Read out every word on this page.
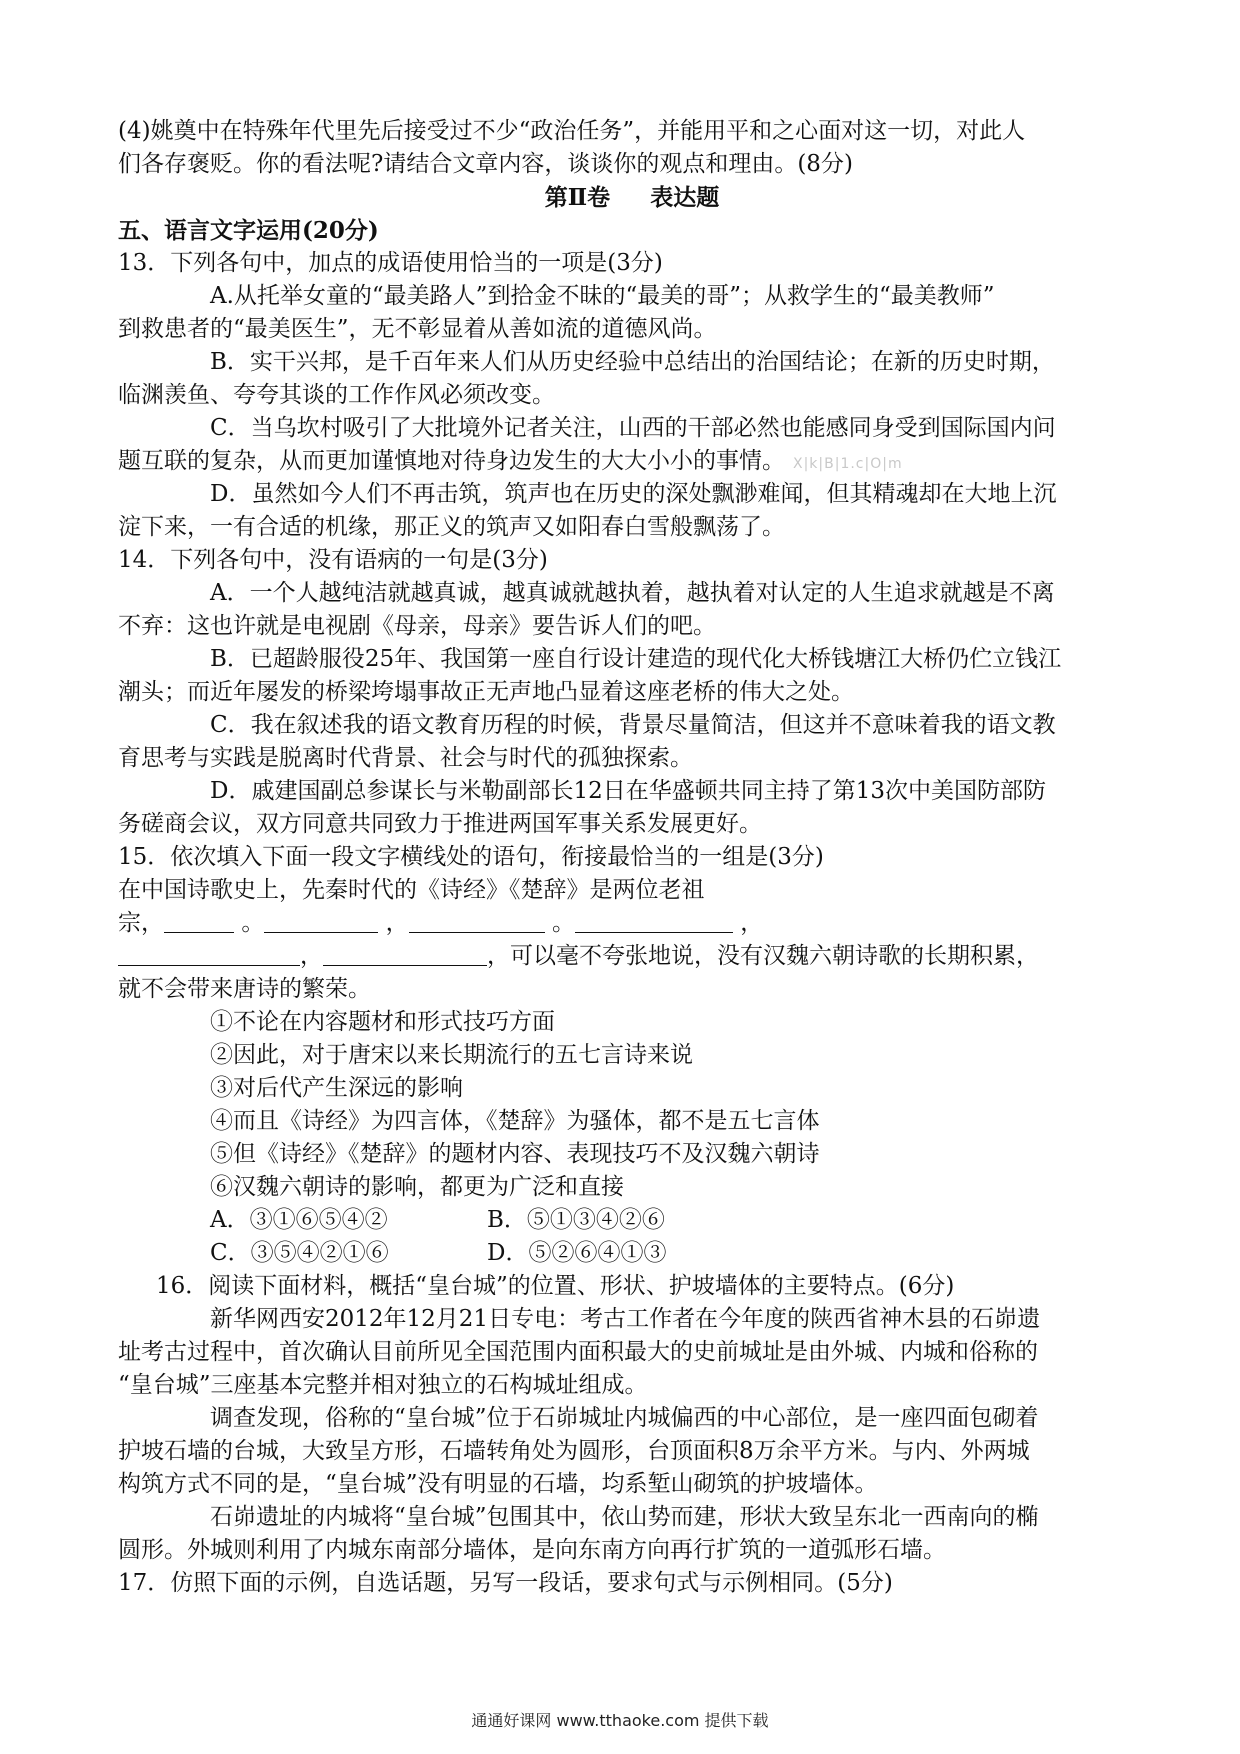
(4)姚奠中在特殊年代里先后接受过不少“政治任务”，并能用平和之心面对这一切，对此人
们各存褒贬。你的看法呢?请结合文章内容，谈谈你的观点和理由。(8分)
第Ⅱ卷 表达题
五、语言文字运用(20分)
13．下列各句中，加点的成语使用恰当的一项是(3分)
A.从托举女童的“最美路人”到拾金不昧的“最美的哥”；从救学生的“最美教师”
到救患者的“最美医生”，无不彰显着从善如流的道德风尚。
B．实干兴邦，是千百年来人们从历史经验中总结出的治国结论；在新的历史时期，
临渊羡鱼、夸夸其谈的工作作风必须改变。
C．当乌坎村吸引了大批境外记者关注，山西的干部必然也能感同身受到国际国内问
题互联的复杂，从而更加谨慎地对待身边发生的大大小小的事情。 X|k|B|1.c|O|m
D．虽然如今人们不再击筑，筑声也在历史的深处飘渺难闻，但其精魂却在大地上沉
淀下来，一有合适的机缘，那正义的筑声又如阳春白雪般飘荡了。
14．下列各句中，没有语病的一句是(3分)
A．一个人越纯洁就越真诚，越真诚就越执着，越执着对认定的人生追求就越是不离
不弃：这也许就是电视剧《母亲，母亲》要告诉人们的吧。
B．已超龄服役25年、我国第一座自行设计建造的现代化大桥钱塘江大桥仍伫立钱江
潮头；而近年屡发的桥梁垮塌事故正无声地凸显着这座老桥的伟大之处。
C．我在叙述我的语文教育历程的时候，背景尽量简洁，但这并不意味着我的语文教
育思考与实践是脱离时代背景、社会与时代的孤独探索。
D．戚建国副总参谋长与米勒副部长12日在华盛顿共同主持了第13次中美国防部防
务磋商会议，双方同意共同致力于推进两国军事关系发展更好。
15．依次填入下面一段文字横线处的语句，衔接最恰当的一组是(3分)
在中国诗歌史上，先秦时代的《诗经》《楚辞》是两位老祖
宗，	。	，	。	，
，	，可以毫不夸张地说，没有汉魏六朝诗歌的长期积累，
就不会带来唐诗的繁荣。
①不论在内容题材和形式技巧方面
②因此，对于唐宋以来长期流行的五七言诗来说
③对后代产生深远的影响
④而且《诗经》为四言体，《楚辞》为骚体，都不是五七言体
⑤但《诗经》《楚辞》的题材内容、表现技巧不及汉魏六朝诗
⑥汉魏六朝诗的影响，都更为广泛和直接
A．③①⑥⑤④②	B．⑤①③④②⑥
C．③⑤④②①⑥	D．⑤②⑥④①③
16．阅读下面材料，概括“皇台城”的位置、形状、护坡墙体的主要特点。(6分)
新华网西安2012年12月21日专电：考古工作者在今年度的陕西省神木县的石峁遗
址考古过程中，首次确认目前所见全国范围内面积最大的史前城址是由外城、内城和俗称的
“皇台城”三座基本完整并相对独立的石构城址组成。
调查发现，俗称的“皇台城”位于石峁城址内城偏西的中心部位，是一座四面包砌着
护坡石墙的台城，大致呈方形，石墙转角处为圆形，台顶面积8万余平方米。与内、外两城
构筑方式不同的是，“皇台城”没有明显的石墙，均系堑山砌筑的护坡墙体。
石峁遗址的内城将“皇台城”包围其中，依山势而建，形状大致呈东北一西南向的椭
圆形。外城则利用了内城东南部分墙体，是向东南方向再行扩筑的一道弧形石墙。
17．仿照下面的示例，自选话题，另写一段话，要求句式与示例相同。(5分)
通通好课网 www.tthaoke.com 提供下载
